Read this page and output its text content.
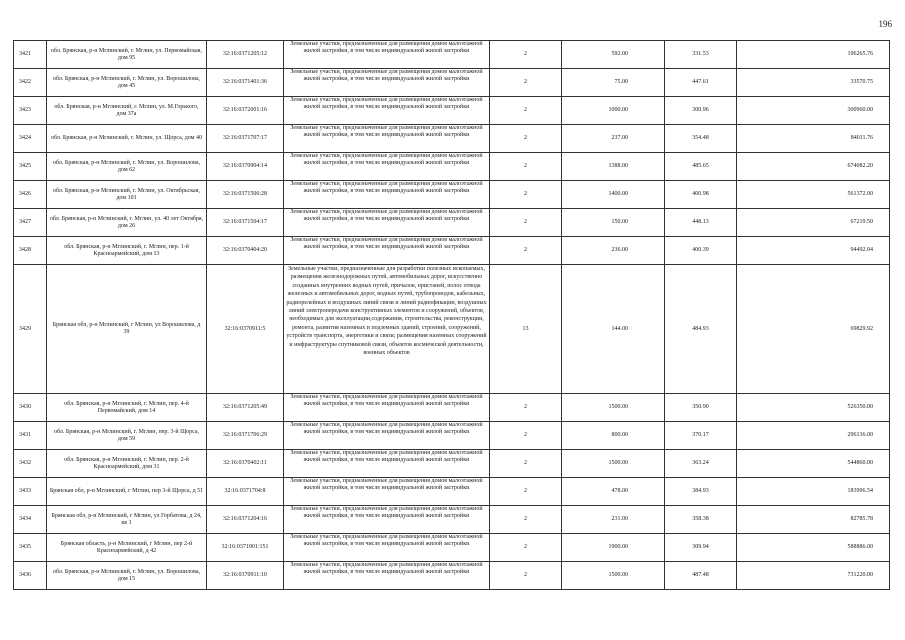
196
3421	обл. Брянская, р-н Мглинский, г. Мглин, ул. Первомайская, дом 95	32:16:0371205:12	Земельные участки, предназначенные для размещения домов малоэтажной жилой застройки, в том числе индивидуальной жилой застройки	2	592.00	331.53	196265.76
3422	обл. Брянская, р-н Мглинский, г. Мглин, ул. Ворошилова, дом 45	32:16:0371401:36	Земельные участки, предназначенные для размещения домов малоэтажной жилой застройки, в том числе индивидуальной жилой застройки	2	75.00	447.61	33570.75
3423	обл. Брянская, р-н Мглинский, г. Мглин, ул. М.Горького, дом 37а	32:16:0372001:16	Земельные участки, предназначенные для размещения домов малоэтажной жилой застройки, в том числе индивидуальной жилой застройки	2	1000.00	300.96	300960.00
3424	обл. Брянская, р-н Мглинский, г. Мглин, ул. Щорса, дом 40	32:16:0371707:17	Земельные участки, предназначенные для размещения домов малоэтажной жилой застройки, в том числе индивидуальной жилой застройки	2	237.00	354.48	84011.76
3425	обл. Брянская, р-н Мглинский, г. Мглин, ул. Ворошилова, дом 62	32:16:0370904:14	Земельные участки, предназначенные для размещения домов малоэтажной жилой застройки, в том числе индивидуальной жилой застройки	2	1388.00	485.65	674082.20
3426	обл. Брянская, р-н Мглинский, г. Мглин, ул. Октябрьская, дом 101	32:16:0371506:28	Земельные участки, предназначенные для размещения домов малоэтажной жилой застройки, в том числе индивидуальной жилой застройки	2	1400.00	400.98	561372.00
3427	обл. Брянская, р-н Мглинский, г. Мглин, ул. 40 лет Октября, дом 26	32:16:0371504:17	Земельные участки, предназначенные для размещения домов малоэтажной жилой застройки, в том числе индивидуальной жилой застройки	2	150.00	448.13	67219.50
3428	обл. Брянская, р-н Мглинский, г. Мглин, пер. 1-й Красноармейский, дом 13	32:16:0370404:20	Земельные участки, предназначенные для размещения домов малоэтажной жилой застройки, в том числе индивидуальной жилой застройки	2	236.00	400.39	94492.04
3429	Брянская обл, р-н Мглинский, г Мглин, ул Ворошилова, д 39	32:16:0370911:5	Земельные участки, предназначенные для разработки полезных ископаемых, размещения железнодорожных путей, автомобильных дорог, искусственно созданных внутренних водных путей, причалов, пристаней, полос отвода железных и автомобильных дорог, водных путей, трубопроводов, кабельных, радиорелейных и воздушных линий связи и линий радиофикации, воздушных линий электропередачи конструктивных элементов и сооружений, объектов, необходимых для эксплуатации,содержания, строительства, реконструкции, ремонта, развития наземных и подземных зданий, строений, сооружений, устройств транспорта, энергетики и связи; размещения наземных сооружений и инфраструктуры спутниковой связи, объектов космической деятельности, военных объектов	13	144.00	484.93	69829.92
3430	обл. Брянская, р-н Мглинский, г. Мглин, пер. 4-й Первомайский, дом 14	32:16:0371205:49	Земельные участки, предназначенные для размещения домов малоэтажной жилой застройки, в том числе индивидуальной жилой застройки	2	1500.00	350.90	526350.00
3431	обл. Брянская, р-н Мглинский, г. Мглин, пер. 3-й Щорса, дом 59	32:16:0371706:29	Земельные участки, предназначенные для размещения домов малоэтажной жилой застройки, в том числе индивидуальной жилой застройки	2	800.00	370.17	296136.00
3432	обл. Брянская, р-н Мглинский, г. Мглин, пер. 2-й Красноармейский, дом 31	32:16:0370402:11	Земельные участки, предназначенные для размещения домов малоэтажной жилой застройки, в том числе индивидуальной жилой застройки	2	1500.00	363.24	544860.00
3433	Брянская обл, р-н Мглинский, г Мглин, пер 3-й Щорса, д 51	32:16:0371704:8	Земельные участки, предназначенные для размещения домов малоэтажной жилой застройки, в том числе индивидуальной жилой застройки	2	478.00	384.93	183996.54
3434	Брянская обл, р-н Мглинский, г Мглин, ул Горбатова, д 24, кв 1	32:16:0371204:16	Земельные участки, предназначенные для размещения домов малоэтажной жилой застройки, в том числе индивидуальной жилой застройки	2	231.00	358.38	82785.78
3435	Брянская область, р-н Мглинский, г Мглин, пер 2-й Красноармейский, д 42	32:16:0371901:151	Земельные участки, предназначенные для размещения домов малоэтажной жилой застройки, в том числе индивидуальной жилой застройки	2	1900.00	309.94	588886.00
3436	обл. Брянская, р-н Мглинский, г. Мглин, ул. Ворошилова, дом 15	32:16:0370911:10	Земельные участки, предназначенные для размещения домов малоэтажной жилой застройки, в том числе индивидуальной жилой застройки	2	1500.00	487.48	731220.00
